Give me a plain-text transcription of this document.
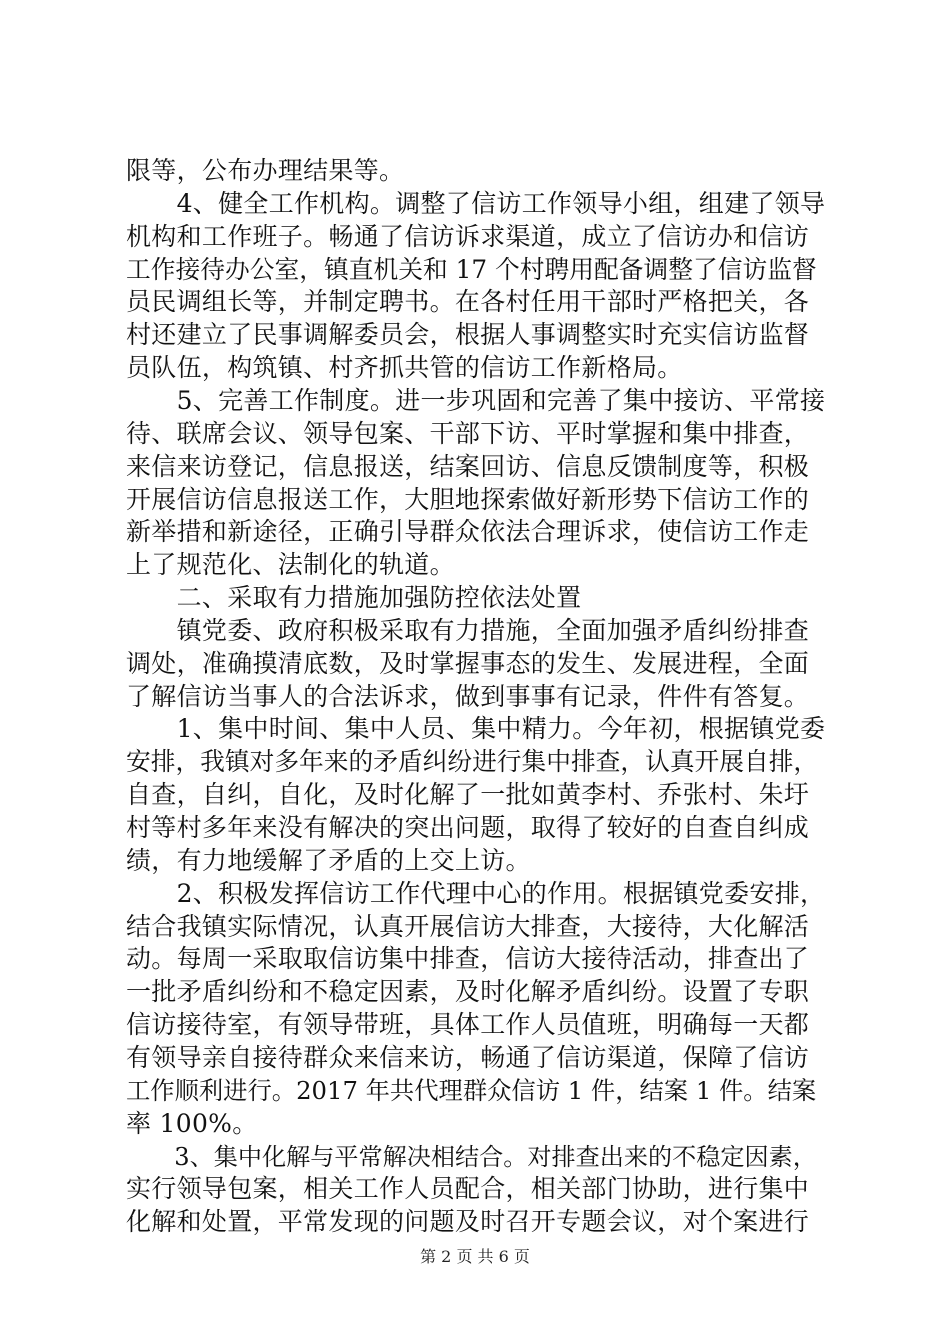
限等，公布办理结果等。
　　4、健全工作机构。调整了信访工作领导小组，组建了领导
机构和工作班子。畅通了信访诉求渠道，成立了信访办和信访
工作接待办公室，镇直机关和 17 个村聘用配备调整了信访监督
员民调组长等，并制定聘书。在各村任用干部时严格把关，各
村还建立了民事调解委员会，根据人事调整实时充实信访监督
员队伍，构筑镇、村齐抓共管的信访工作新格局。
　　5、完善工作制度。进一步巩固和完善了集中接访、平常接
待、联席会议、领导包案、干部下访、平时掌握和集中排查，
来信来访登记，信息报送，结案回访、信息反馈制度等，积极
开展信访信息报送工作，大胆地探索做好新形势下信访工作的
新举措和新途径，正确引导群众依法合理诉求，使信访工作走
上了规范化、法制化的轨道。
　　二、采取有力措施加强防控依法处置
　　镇党委、政府积极采取有力措施，全面加强矛盾纠纷排查
调处，准确摸清底数，及时掌握事态的发生、发展进程，全面
了解信访当事人的合法诉求，做到事事有记录，件件有答复。
　　1、集中时间、集中人员、集中精力。今年初，根据镇党委
安排，我镇对多年来的矛盾纠纷进行集中排查，认真开展自排，
自查，自纠，自化，及时化解了一批如黄李村、乔张村、朱圩
村等村多年来没有解决的突出问题，取得了较好的自查自纠成
绩，有力地缓解了矛盾的上交上访。
　　2、积极发挥信访工作代理中心的作用。根据镇党委安排，
结合我镇实际情况，认真开展信访大排查，大接待，大化解活
动。每周一采取取信访集中排查，信访大接待活动，排查出了
一批矛盾纠纷和不稳定因素，及时化解矛盾纠纷。设置了专职
信访接待室，有领导带班，具体工作人员值班，明确每一天都
有领导亲自接待群众来信来访，畅通了信访渠道，保障了信访
工作顺利进行。2017 年共代理群众信访 1 件，结案 1 件。结案
率 100%。
　　3、集中化解与平常解决相结合。对排查出来的不稳定因素，
实行领导包案，相关工作人员配合，相关部门协助，进行集中
化解和处置，平常发现的问题及时召开专题会议，对个案进行
第 2 页 共 6 页
